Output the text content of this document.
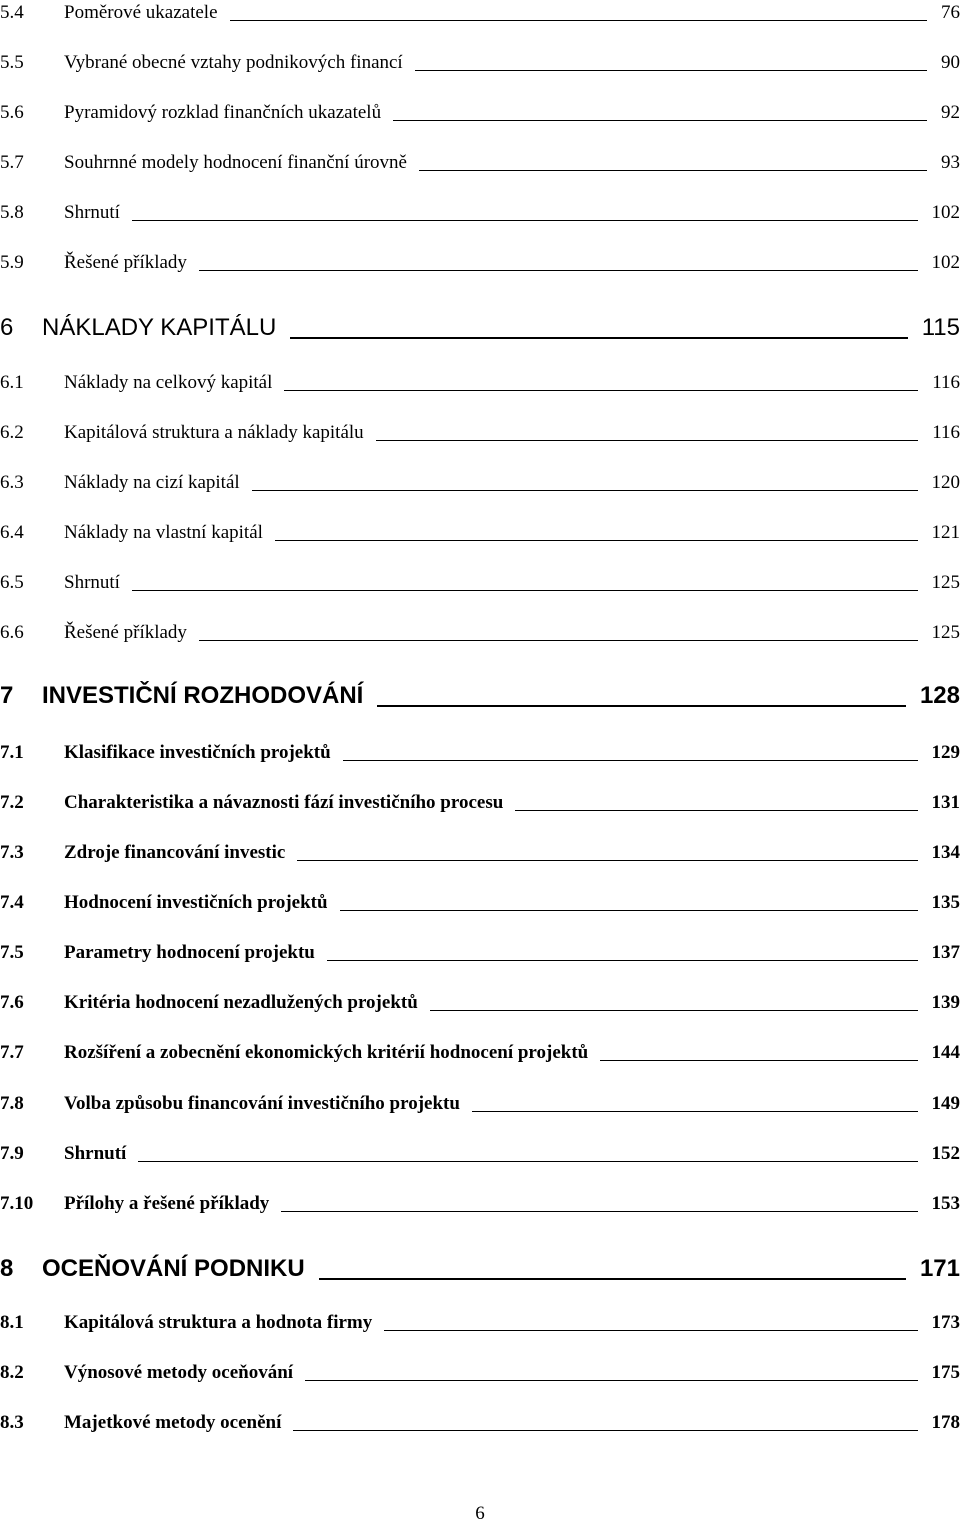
5.4 Poměrové ukazatele	76
5.5 Vybrané obecné vztahy podnikových financí	90
5.6 Pyramidový rozklad finančních ukazatelů	92
5.7 Souhrnné modely hodnocení finanční úrovně	93
5.8 Shrnutí	102
5.9 Řešené příklady	102
6 NÁKLADY KAPITÁLU	115
6.1 Náklady na celkový kapitál	116
6.2 Kapitálová struktura a náklady kapitálu	116
6.3 Náklady na cizí kapitál	120
6.4 Náklady na vlastní kapitál	121
6.5 Shrnutí	125
6.6 Řešené příklady	125
7 INVESTIČNÍ ROZHODOVÁNÍ	128
7.1 Klasifikace investičních projektů	129
7.2 Charakteristika a návaznosti fází investičního procesu	131
7.3 Zdroje financování investic	134
7.4 Hodnocení investičních projektů	135
7.5 Parametry hodnocení projektu	137
7.6 Kritéria hodnocení nezadlužených projektů	139
7.7 Rozšíření a zobecnění ekonomických kritérií hodnocení projektů	144
7.8 Volba způsobu financování investičního projektu	149
7.9 Shrnutí	152
7.10 Přílohy a řešené příklady	153
8 OCEŇOVÁNÍ PODNIKU	171
8.1 Kapitálová struktura a hodnota firmy	173
8.2 Výnosové metody oceňování	175
8.3 Majetkové metody ocenění	178
6
